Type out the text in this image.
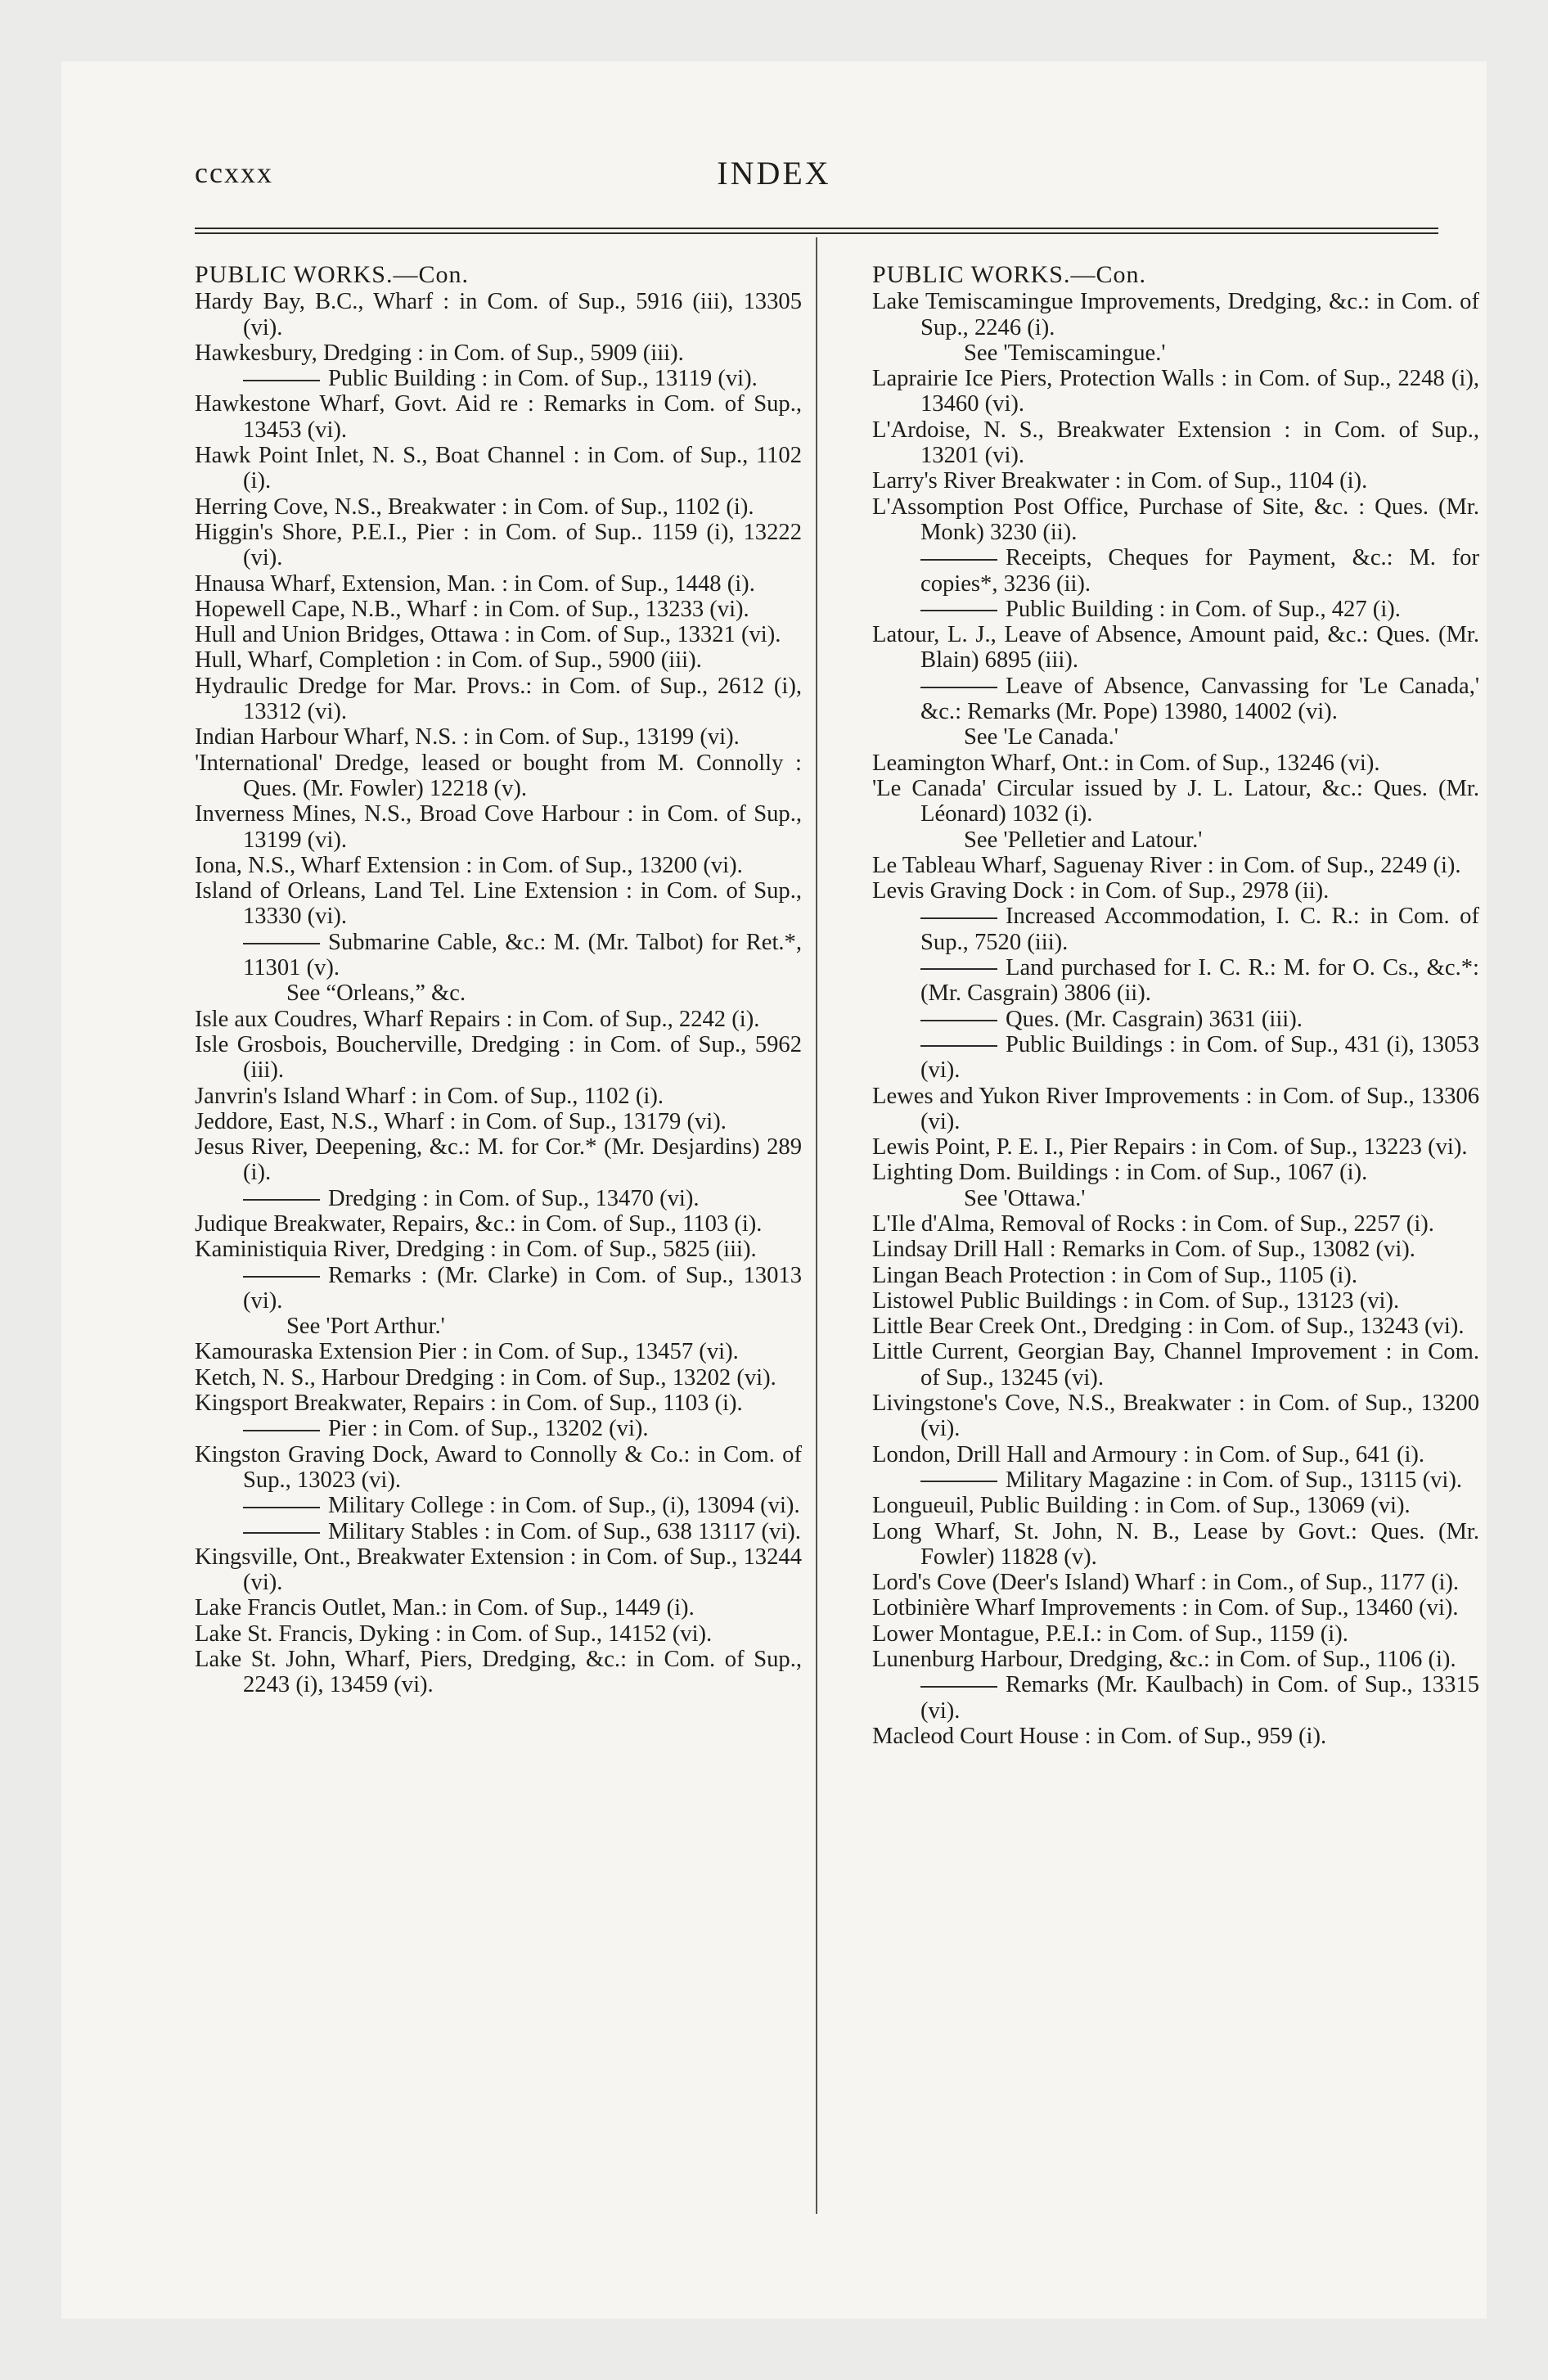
ccxxx	INDEX
PUBLIC WORKS.—Con.
Hardy Bay, B.C., Wharf : in Com. of Sup., 5916 (iii), 13305 (vi).
Hawkesbury, Dredging : in Com. of Sup., 5909 (iii).
Public Building : in Com. of Sup., 13119 (vi).
Hawkestone Wharf, Govt. Aid re : Remarks in Com. of Sup., 13453 (vi).
Hawk Point Inlet, N. S., Boat Channel : in Com. of Sup., 1102 (i).
Herring Cove, N.S., Breakwater : in Com. of Sup., 1102 (i).
Higgin's Shore, P.E.I., Pier : in Com. of Sup.. 1159 (i), 13222 (vi).
Hnausa Wharf, Extension, Man. : in Com. of Sup., 1448 (i).
Hopewell Cape, N.B., Wharf : in Com. of Sup., 13233 (vi).
Hull and Union Bridges, Ottawa : in Com. of Sup., 13321 (vi).
Hull, Wharf, Completion : in Com. of Sup., 5900 (iii).
Hydraulic Dredge for Mar. Provs.: in Com. of Sup., 2612 (i), 13312 (vi).
Indian Harbour Wharf, N.S. : in Com. of Sup., 13199 (vi).
'International' Dredge, leased or bought from M. Connolly : Ques. (Mr. Fowler) 12218 (v).
Inverness Mines, N.S., Broad Cove Harbour : in Com. of Sup., 13199 (vi).
Iona, N.S., Wharf Extension : in Com. of Sup., 13200 (vi).
Island of Orleans, Land Tel. Line Extension : in Com. of Sup., 13330 (vi).
Submarine Cable, &c.: M. (Mr. Talbot) for Ret.*, 11301 (v).
See “Orleans,” &c.
Isle aux Coudres, Wharf Repairs : in Com. of Sup., 2242 (i).
Isle Grosbois, Boucherville, Dredging : in Com. of Sup., 5962 (iii).
Janvrin's Island Wharf : in Com. of Sup., 1102 (i).
Jeddore, East, N.S., Wharf : in Com. of Sup., 13179 (vi).
Jesus River, Deepening, &c.: M. for Cor.* (Mr. Desjardins) 289 (i).
Dredging : in Com. of Sup., 13470 (vi).
Judique Breakwater, Repairs, &c.: in Com. of Sup., 1103 (i).
Kaministiquia River, Dredging : in Com. of Sup., 5825 (iii).
Remarks : (Mr. Clarke) in Com. of Sup., 13013 (vi).
See 'Port Arthur.'
Kamouraska Extension Pier : in Com. of Sup., 13457 (vi).
Ketch, N. S., Harbour Dredging : in Com. of Sup., 13202 (vi).
Kingsport Breakwater, Repairs : in Com. of Sup., 1103 (i).
Pier : in Com. of Sup., 13202 (vi).
Kingston Graving Dock, Award to Connolly & Co.: in Com. of Sup., 13023 (vi).
Military College : in Com. of Sup., (i), 13094 (vi).
Military Stables : in Com. of Sup., 638 13117 (vi).
Kingsville, Ont., Breakwater Extension : in Com. of Sup., 13244 (vi).
Lake Francis Outlet, Man.: in Com. of Sup., 1449 (i).
Lake St. Francis, Dyking : in Com. of Sup., 14152 (vi).
Lake St. John, Wharf, Piers, Dredging, &c.: in Com. of Sup., 2243 (i), 13459 (vi).
PUBLIC WORKS.—Con.
Lake Temiscamingue Improvements, Dredging, &c.: in Com. of Sup., 2246 (i).
See 'Temiscamingue.'
Laprairie Ice Piers, Protection Walls : in Com. of Sup., 2248 (i), 13460 (vi).
L'Ardoise, N. S., Breakwater Extension : in Com. of Sup., 13201 (vi).
Larry's River Breakwater : in Com. of Sup., 1104 (i).
L'Assomption Post Office, Purchase of Site, &c. : Ques. (Mr. Monk) 3230 (ii).
Receipts, Cheques for Payment, &c.: M. for copies*, 3236 (ii).
Public Building : in Com. of Sup., 427 (i).
Latour, L. J., Leave of Absence, Amount paid, &c.: Ques. (Mr. Blain) 6895 (iii).
Leave of Absence, Canvassing for 'Le Canada,' &c.: Remarks (Mr. Pope) 13980, 14002 (vi).
See 'Le Canada.'
Leamington Wharf, Ont.: in Com. of Sup., 13246 (vi).
'Le Canada' Circular issued by J. L. Latour, &c.: Ques. (Mr. Léonard) 1032 (i).
See 'Pelletier and Latour.'
Le Tableau Wharf, Saguenay River : in Com. of Sup., 2249 (i).
Levis Graving Dock : in Com. of Sup., 2978 (ii).
Increased Accommodation, I. C. R.: in Com. of Sup., 7520 (iii).
Land purchased for I. C. R.: M. for O. Cs., &c.*: (Mr. Casgrain) 3806 (ii).
Ques. (Mr. Casgrain) 3631 (iii).
Public Buildings : in Com. of Sup., 431 (i), 13053 (vi).
Lewes and Yukon River Improvements : in Com. of Sup., 13306 (vi).
Lewis Point, P. E. I., Pier Repairs : in Com. of Sup., 13223 (vi).
Lighting Dom. Buildings : in Com. of Sup., 1067 (i).
See 'Ottawa.'
L'Ile d'Alma, Removal of Rocks : in Com. of Sup., 2257 (i).
Lindsay Drill Hall : Remarks in Com. of Sup., 13082 (vi).
Lingan Beach Protection : in Com of Sup., 1105 (i).
Listowel Public Buildings : in Com. of Sup., 13123 (vi).
Little Bear Creek Ont., Dredging : in Com. of Sup., 13243 (vi).
Little Current, Georgian Bay, Channel Improvement : in Com. of Sup., 13245 (vi).
Livingstone's Cove, N.S., Breakwater : in Com. of Sup., 13200 (vi).
London, Drill Hall and Armoury : in Com. of Sup., 641 (i).
Military Magazine : in Com. of Sup., 13115 (vi).
Longueuil, Public Building : in Com. of Sup., 13069 (vi).
Long Wharf, St. John, N. B., Lease by Govt.: Ques. (Mr. Fowler) 11828 (v).
Lord's Cove (Deer's Island) Wharf : in Com., of Sup., 1177 (i).
Lotbinière Wharf Improvements : in Com. of Sup., 13460 (vi).
Lower Montague, P.E.I.: in Com. of Sup., 1159 (i).
Lunenburg Harbour, Dredging, &c.: in Com. of Sup., 1106 (i).
Remarks (Mr. Kaulbach) in Com. of Sup., 13315 (vi).
Macleod Court House : in Com. of Sup., 959 (i).
